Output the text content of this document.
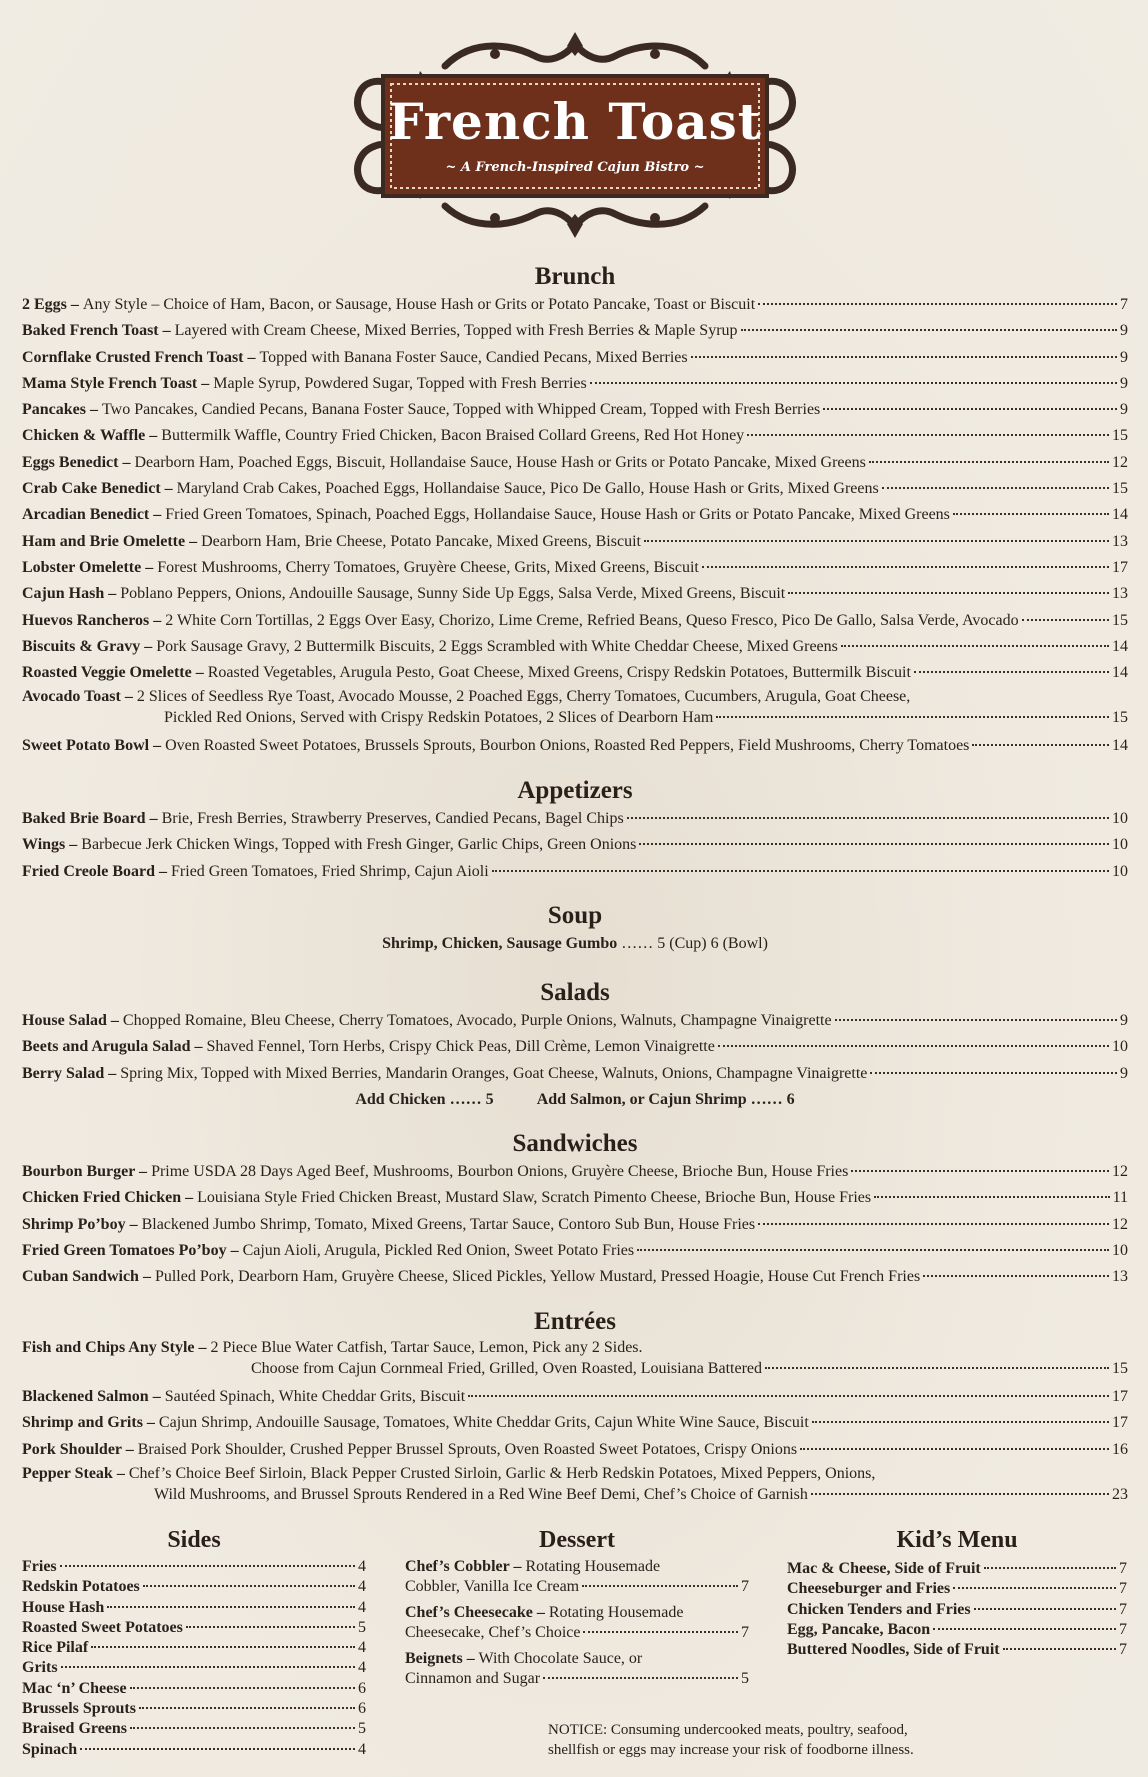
French Toast
~ A French-Inspired Cajun Bistro ~
Brunch
2 Eggs –
Any Style – Choice of Ham, Bacon, or Sausage, House Hash or Grits or Potato Pancake, Toast or Biscuit	7
Baked French Toast –
Layered with Cream Cheese, Mixed Berries, Topped with Fresh Berries & Maple Syrup	9
Cornflake Crusted French Toast –
Topped with Banana Foster Sauce, Candied Pecans, Mixed Berries	9
Mama Style French Toast –
Maple Syrup, Powdered Sugar, Topped with Fresh Berries	9
Pancakes –
Two Pancakes, Candied Pecans, Banana Foster Sauce, Topped with Whipped Cream, Topped with Fresh Berries	9
Chicken & Waffle –
Buttermilk Waffle, Country Fried Chicken, Bacon Braised Collard Greens, Red Hot Honey	15
Eggs Benedict –
Dearborn Ham, Poached Eggs, Biscuit, Hollandaise Sauce, House Hash or Grits or Potato Pancake, Mixed Greens	12
Crab Cake Benedict –
Maryland Crab Cakes, Poached Eggs, Hollandaise Sauce, Pico De Gallo, House Hash or Grits, Mixed Greens	15
Arcadian Benedict –
Fried Green Tomatoes, Spinach, Poached Eggs, Hollandaise Sauce, House Hash or Grits or Potato Pancake, Mixed Greens	14
Ham and Brie Omelette –
Dearborn Ham, Brie Cheese, Potato Pancake, Mixed Greens, Biscuit	13
Lobster Omelette –
Forest Mushrooms, Cherry Tomatoes, Gruyère Cheese, Grits, Mixed Greens, Biscuit	17
Cajun Hash –
Poblano Peppers, Onions, Andouille Sausage, Sunny Side Up Eggs, Salsa Verde, Mixed Greens, Biscuit	13
Huevos Rancheros –
2 White Corn Tortillas, 2 Eggs Over Easy, Chorizo, Lime Creme, Refried Beans, Queso Fresco, Pico De Gallo, Salsa Verde, Avocado	15
Biscuits & Gravy –
Pork Sausage Gravy, 2 Buttermilk Biscuits, 2 Eggs Scrambled with White Cheddar Cheese, Mixed Greens	14
Roasted Veggie Omelette –
Roasted Vegetables, Arugula Pesto, Goat Cheese, Mixed Greens, Crispy Redskin Potatoes, Buttermilk Biscuit	14
Avocado Toast – 2 Slices of Seedless Rye Toast, Avocado Mousse, 2 Poached Eggs, Cherry Tomatoes, Cucumbers, Arugula, Goat Cheese,
Pickled Red Onions, Served with Crispy Redskin Potatoes, 2 Slices of Dearborn Ham	15
Sweet Potato Bowl –
Oven Roasted Sweet Potatoes, Brussels Sprouts, Bourbon Onions, Roasted Red Peppers, Field Mushrooms, Cherry Tomatoes	14
Appetizers
Baked Brie Board –
Brie, Fresh Berries, Strawberry Preserves, Candied Pecans, Bagel Chips	10
Wings –
Barbecue Jerk Chicken Wings, Topped with Fresh Ginger, Garlic Chips, Green Onions	10
Fried Creole Board –
Fried Green Tomatoes, Fried Shrimp, Cajun Aioli	10
Soup
Shrimp, Chicken, Sausage Gumbo …… 5 (Cup) 6 (Bowl)
Salads
House Salad –
Chopped Romaine, Bleu Cheese, Cherry Tomatoes, Avocado, Purple Onions, Walnuts, Champagne Vinaigrette	9
Beets and Arugula Salad –
Shaved Fennel, Torn Herbs, Crispy Chick Peas, Dill Crème, Lemon Vinaigrette	10
Berry Salad –
Spring Mix, Topped with Mixed Berries, Mandarin Oranges, Goat Cheese, Walnuts, Onions, Champagne Vinaigrette	9
Add Chicken …… 5	Add Salmon, or Cajun Shrimp …… 6
Sandwiches
Bourbon Burger –
Prime USDA 28 Days Aged Beef, Mushrooms, Bourbon Onions, Gruyère Cheese, Brioche Bun, House Fries	12
Chicken Fried Chicken –
Louisiana Style Fried Chicken Breast, Mustard Slaw, Scratch Pimento Cheese, Brioche Bun, House Fries	11
Shrimp Po’boy –
Blackened Jumbo Shrimp, Tomato, Mixed Greens, Tartar Sauce, Contoro Sub Bun, House Fries	12
Fried Green Tomatoes Po’boy –
Cajun Aioli, Arugula, Pickled Red Onion, Sweet Potato Fries	10
Cuban Sandwich –
Pulled Pork, Dearborn Ham, Gruyère Cheese, Sliced Pickles, Yellow Mustard, Pressed Hoagie, House Cut French Fries	13
Entrées
Fish and Chips Any Style – 2 Piece Blue Water Catfish, Tartar Sauce, Lemon, Pick any 2 Sides.
Choose from Cajun Cornmeal Fried, Grilled, Oven Roasted, Louisiana Battered	15
Blackened Salmon –
Sautéed Spinach, White Cheddar Grits, Biscuit	17
Shrimp and Grits –
Cajun Shrimp, Andouille Sausage, Tomatoes, White Cheddar Grits, Cajun White Wine Sauce, Biscuit	17
Pork Shoulder –
Braised Pork Shoulder, Crushed Pepper Brussel Sprouts, Oven Roasted Sweet Potatoes, Crispy Onions	16
Pepper Steak – Chef’s Choice Beef Sirloin, Black Pepper Crusted Sirloin, Garlic & Herb Redskin Potatoes, Mixed Peppers, Onions,
Wild Mushrooms, and Brussel Sprouts Rendered in a Red Wine Beef Demi, Chef’s Choice of Garnish	23
Sides
Fries	4
Redskin Potatoes	4
House Hash	4
Roasted Sweet Potatoes	5
Rice Pilaf	4
Grits	4
Mac ‘n’ Cheese	6
Brussels Sprouts	6
Braised Greens	5
Spinach	4
Dessert
Chef’s Cobbler – Rotating Housemade
Cobbler, Vanilla Ice Cream	7
Chef’s Cheesecake – Rotating Housemade
Cheesecake, Chef’s Choice	7
Beignets – With Chocolate Sauce, or
Cinnamon and Sugar	5
Kid’s Menu
Mac & Cheese, Side of Fruit	7
Cheeseburger and Fries	7
Chicken Tenders and Fries	7
Egg, Pancake, Bacon	7
Buttered Noodles, Side of Fruit	7
NOTICE: Consuming undercooked meats, poultry, seafood,
shellfish or eggs may increase your risk of foodborne illness.
